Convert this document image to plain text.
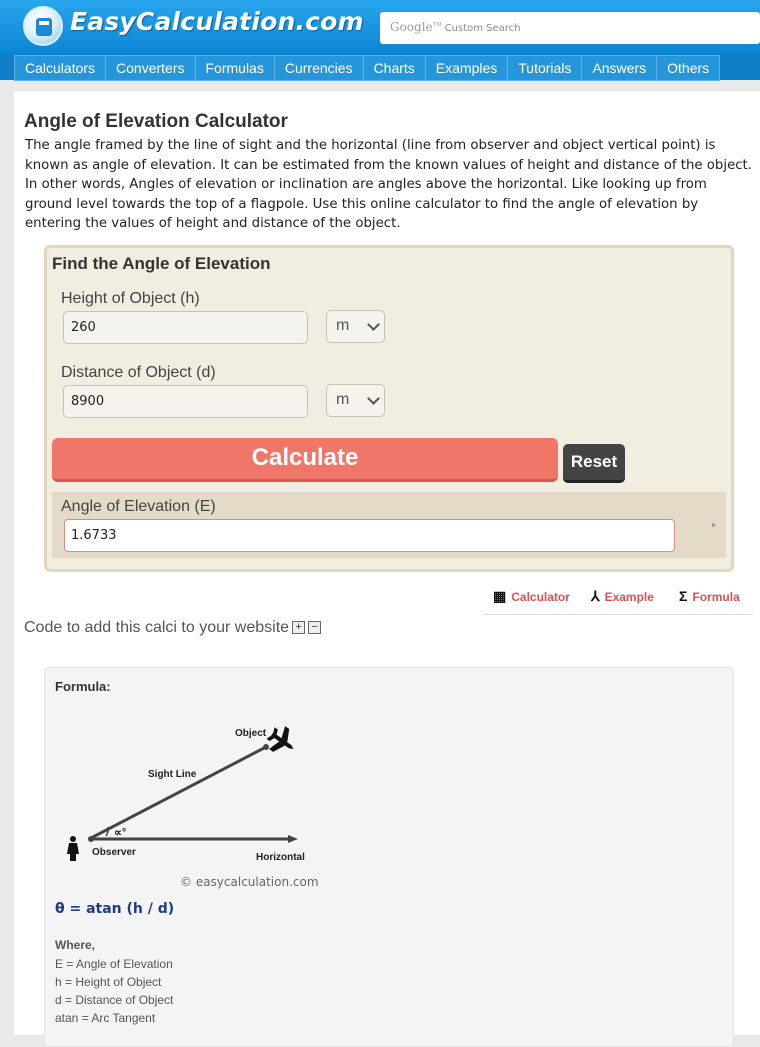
EasyCalculation.com	Google™ Custom Search
Calculators	Converters	Formulas	Currencies	Charts	Examples	Tutorials	Answers	Others
Angle of Elevation Calculator
The angle framed by the line of sight and the horizontal (line from observer and object vertical point) is known as angle of elevation. It can be estimated from the known values of height and distance of the object. In other words, Angles of elevation or inclination are angles above the horizontal. Like looking up from ground level towards the top of a flagpole. Use this online calculator to find the angle of elevation by entering the values of height and distance of the object.
Find the Angle of Elevation
Height of Object (h)
260	m
Distance of Object (d)
8900	m
Calculate	Reset
Angle of Elevation (E)
1.6733	°
▦ Calculator ⅄ Example Σ Formula
Code to add this calci to your website + −
Formula:
∝°
Object
Sight Line
Observer	Horizontal
© easycalculation.com
θ = atan (h / d)
Where,
E = Angle of Elevation
h = Height of Object
d = Distance of Object
atan = Arc Tangent
